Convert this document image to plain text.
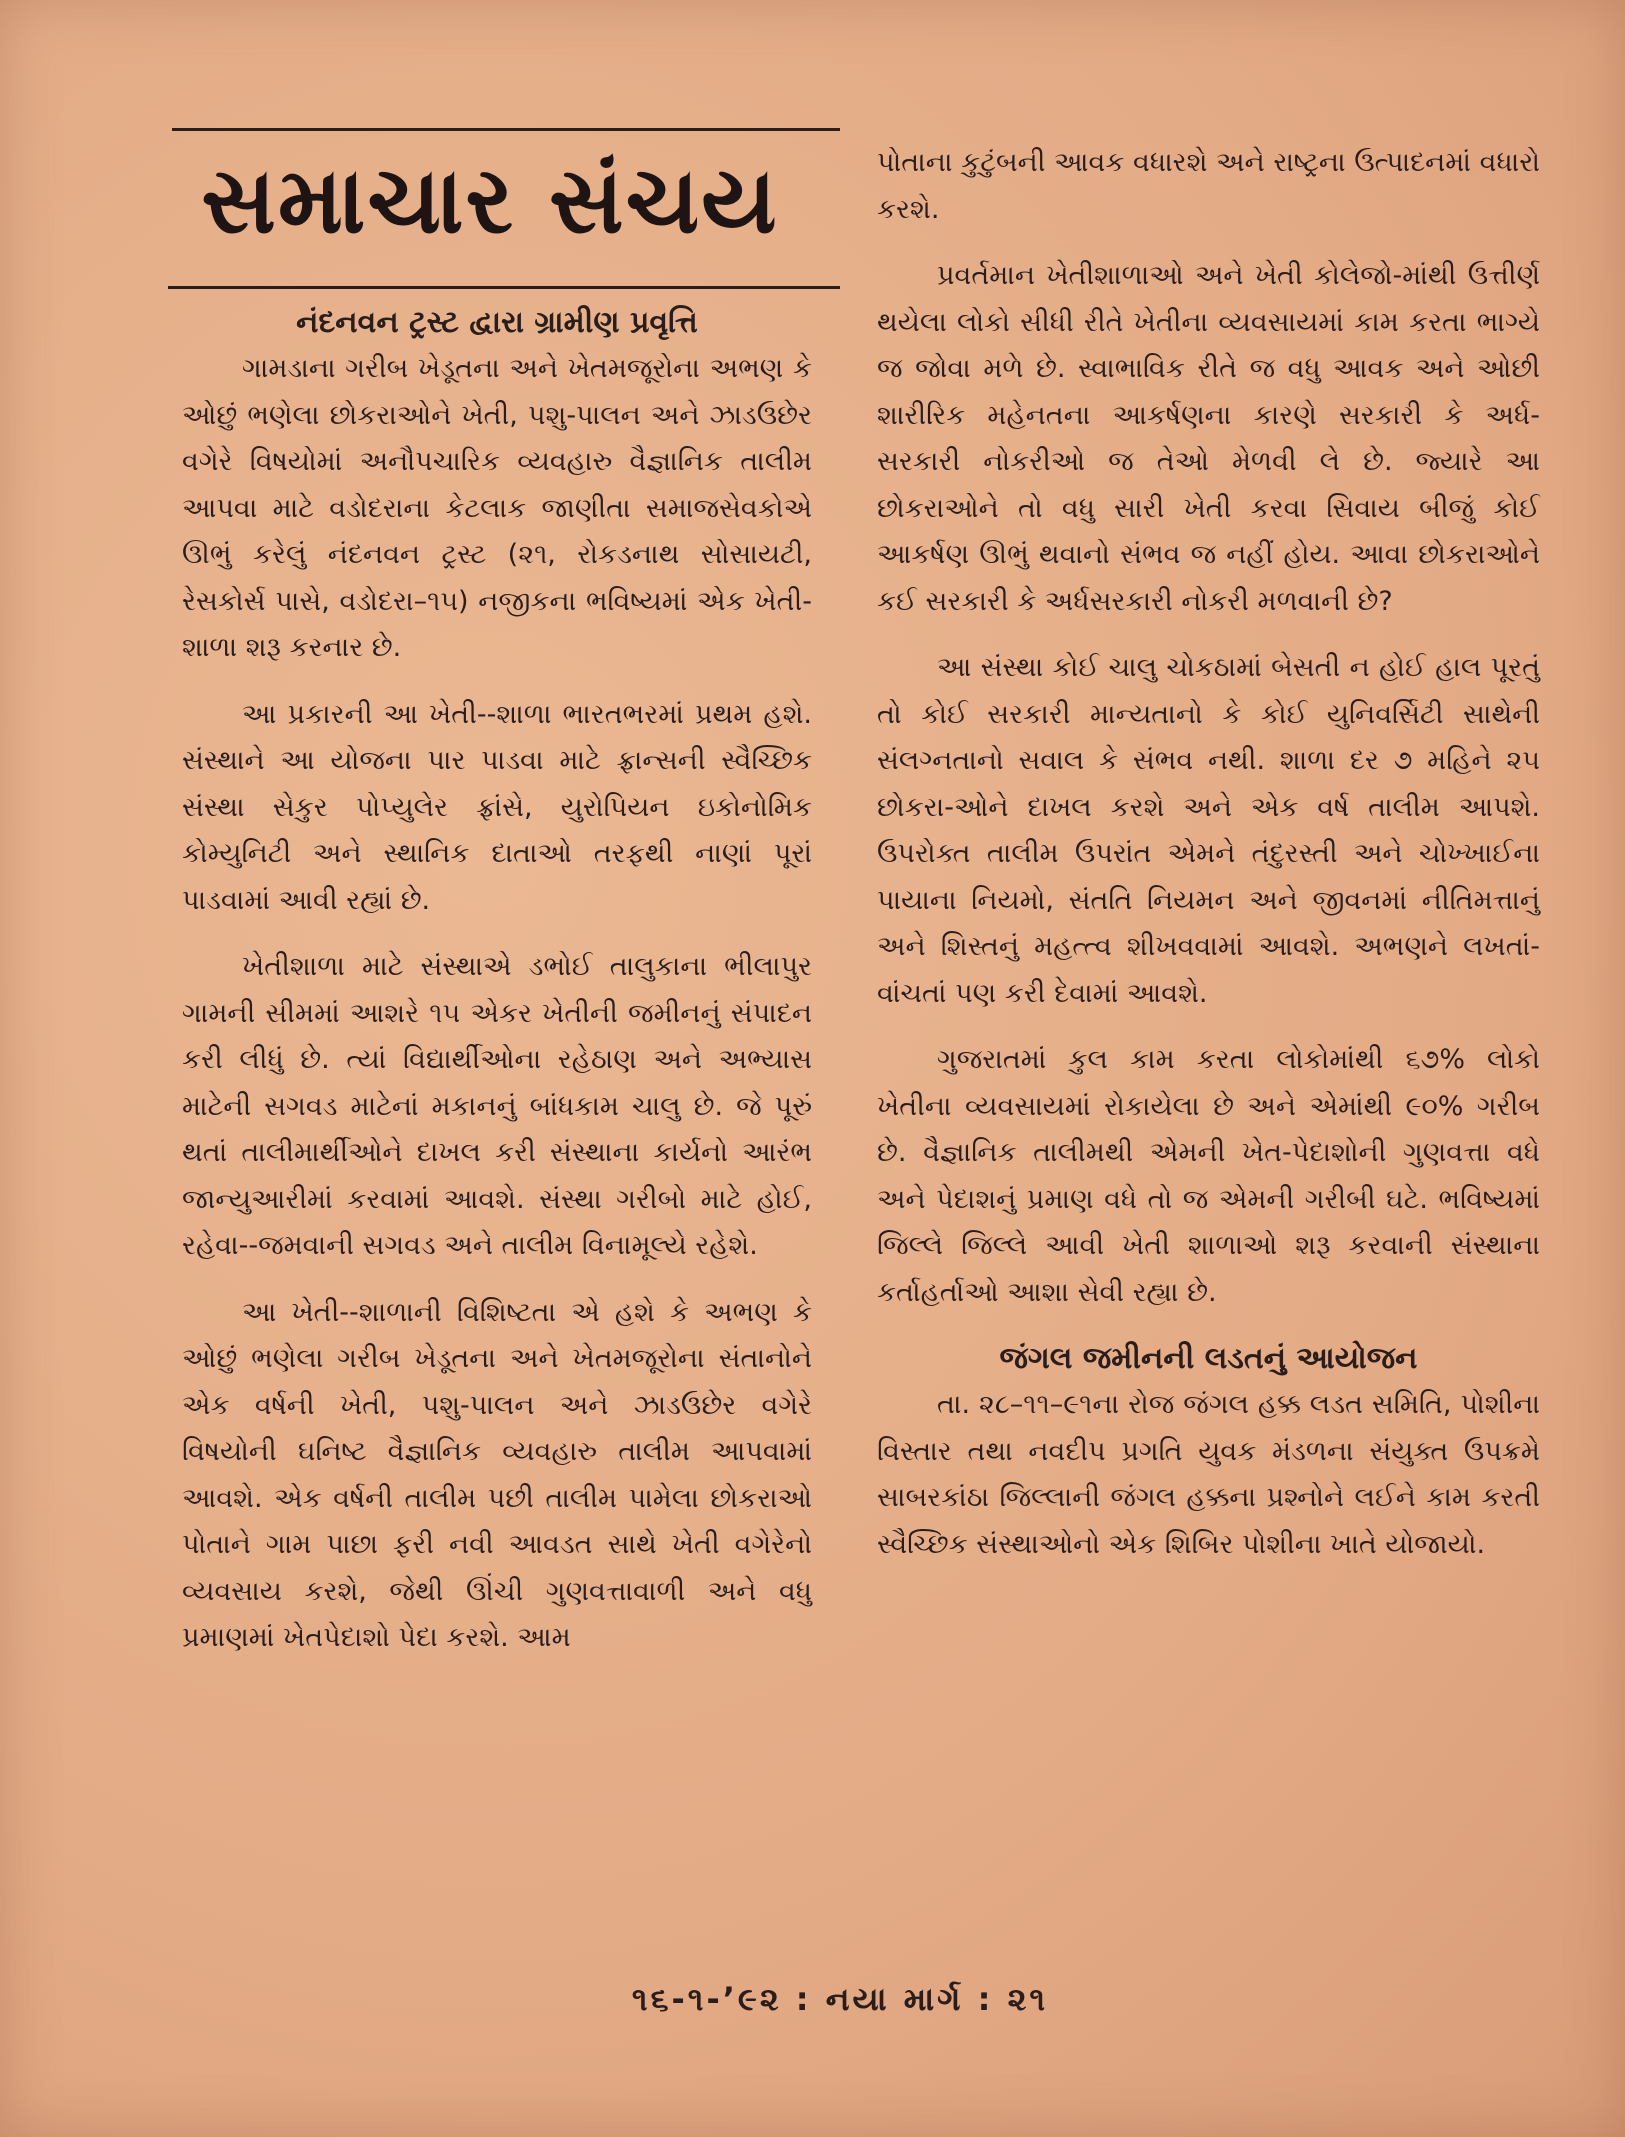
સમાચાર સંચય
નંદનવન ટ્રસ્ટ દ્વારા ગ્રામીણ પ્રવૃત્તિ

ગામડાના ગરીબ ખેડૂતના અને ખેતમજૂરોના અભણ કે ઓછું ભણેલા છોકરાઓને ખેતી, પશુ-પાલન અને ઝાડઉછેર વગેરે વિષયોમાં અનૌપચારિક વ્યવહારુ વૈજ્ઞાનિક તાલીમ આપવા માટે વડોદરાના કેટલાક જાણીતા સમાજસેવકોએ ઊભું કરેલું નંદનવન ટ્રસ્ટ (૨૧, રોકડનાથ સોસાયટી, રેસકોર્સ પાસે, વડોદરા–૧૫) નજીકના ભવિષ્યમાં એક ખેતી-શાળા શરૂ કરનાર છે.

આ પ્રકારની આ ખેતી--શાળા ભારતભરમાં પ્રથમ હશે. સંસ્થાને આ યોજના પાર પાડવા માટે ફ્રાન્સની સ્વૈચ્છિક સંસ્થા સેકુર પોપ્યુલેર ફ્રાંસે, યુરોપિયન ઇકોનોમિક કોમ્યુનિટી અને સ્થાનિક દાતાઓ તરફથી નાણાં પૂરાં પાડવામાં આવી રહ્યાં છે.

ખેતીશાળા માટે સંસ્થાએ ડભોઈ તાલુકાના ભીલાપુર ગામની સીમમાં આશરે ૧૫ એકર ખેતીની જમીનનું સંપાદન કરી લીધું છે. ત્યાં વિદ્યાર્થીઓના રહેઠાણ અને અભ્યાસ માટેની સગવડ માટેનાં મકાનનું બાંધકામ ચાલુ છે. જે પૂરું થતાં તાલીમાર્થીઓને દાખલ કરી સંસ્થાના કાર્યનો આરંભ જાન્યુઆરીમાં કરવામાં આવશે. સંસ્થા ગરીબો માટે હોઈ, રહેવા--જમવાની સગવડ અને તાલીમ વિનામૂલ્યે રહેશે.

આ ખેતી--શાળાની વિશિષ્ટતા એ હશે કે અભણ કે ઓછું ભણેલા ગરીબ ખેડૂતના અને ખેતમજૂરોના સંતાનોને એક વર્ષની ખેતી, પશુ-પાલન અને ઝાડઉછેર વગેરે વિષયોની ઘનિષ્ટ વૈજ્ઞાનિક વ્યવહારુ તાલીમ આપવામાં આવશે. એક વર્ષની તાલીમ પછી તાલીમ પામેલા છોકરાઓ પોતાને ગામ પાછા ફરી નવી આવડત સાથે ખેતી વગેરેનો વ્યવસાય કરશે, જેથી ઊંચી ગુણવત્તાવાળી અને વધુ પ્રમાણમાં ખેતપેદાશો પેદા કરશે. આમ

પોતાના કુટુંબની આવક વધારશે અને રાષ્ટ્રના ઉત્પાદનમાં વધારો કરશે.

પ્રવર્તમાન ખેતીશાળાઓ અને ખેતી કોલેજો-માંથી ઉત્તીર્ણ થયેલા લોકો સીધી રીતે ખેતીના વ્યવસાયમાં કામ કરતા ભાગ્યે જ જોવા મળે છે. સ્વાભાવિક રીતે જ વધુ આવક અને ઓછી શારીરિક મહેનતના આકર્ષણના કારણે સરકારી કે અર્ધ-સરકારી નોકરીઓ જ તેઓ મેળવી લે છે. જ્યારે આ છોકરાઓને તો વધુ સારી ખેતી કરવા સિવાય બીજું કોઈ આકર્ષણ ઊભું થવાનો સંભવ જ નહીં હોય. આવા છોકરાઓને કઈ સરકારી કે અર્ધસરકારી નોકરી મળવાની છે?

આ સંસ્થા કોઈ ચાલુ ચોકઠામાં બેસતી ન હોઈ હાલ પૂરતું તો કોઈ સરકારી માન્યતાનો કે કોઈ યુનિવર્સિટી સાથેની સંલગ્નતાનો સવાલ કે સંભવ નથી. શાળા દર ૭ મહિને ૨૫ છોકરા-ઓને દાખલ કરશે અને એક વર્ષ તાલીમ આપશે. ઉપરોક્ત તાલીમ ઉપરાંત એમને તંદુરસ્તી અને ચોખ્ખાઈના પાયાના નિયમો, સંતતિ નિયમન અને જીવનમાં નીતિમત્તાનું અને શિસ્તનું મહત્ત્વ શીખવવામાં આવશે. અભણને લખતાં-વાંચતાં પણ કરી દેવામાં આવશે.

ગુજરાતમાં કુલ કામ કરતા લોકોમાંથી ૬૭% લોકો ખેતીના વ્યવસાયમાં રોકાયેલા છે અને એમાંથી ૯૦% ગરીબ છે. વૈજ્ઞાનિક તાલીમથી એમની ખેત-પેદાશોની ગુણવત્તા વધે અને પેદાશનું પ્રમાણ વધે તો જ એમની ગરીબી ઘટે. ભવિષ્યમાં જિલ્લે જિલ્લે આવી ખેતી શાળાઓ શરૂ કરવાની સંસ્થાના કર્તાહર્તાઓ આશા સેવી રહ્યા છે.

જંગલ જમીનની લડતનું આયોજન

તા. ૨૮–૧૧–૯૧ના રોજ જંગલ હક્ક લડત સમિતિ, પોશીના વિસ્તાર તથા નવદીપ પ્રગતિ યુવક મંડળના સંયુક્ત ઉપક્રમે સાબરકાંઠા જિલ્લાની જંગલ હક્કના પ્રશ્નોને લઈને કામ કરતી સ્વૈચ્છિક સંસ્થાઓનો એક શિબિર પોશીના ખાતે યોજાયો.

૧૬-૧-’૯૨ : નયા માર્ગ : ૨૧
